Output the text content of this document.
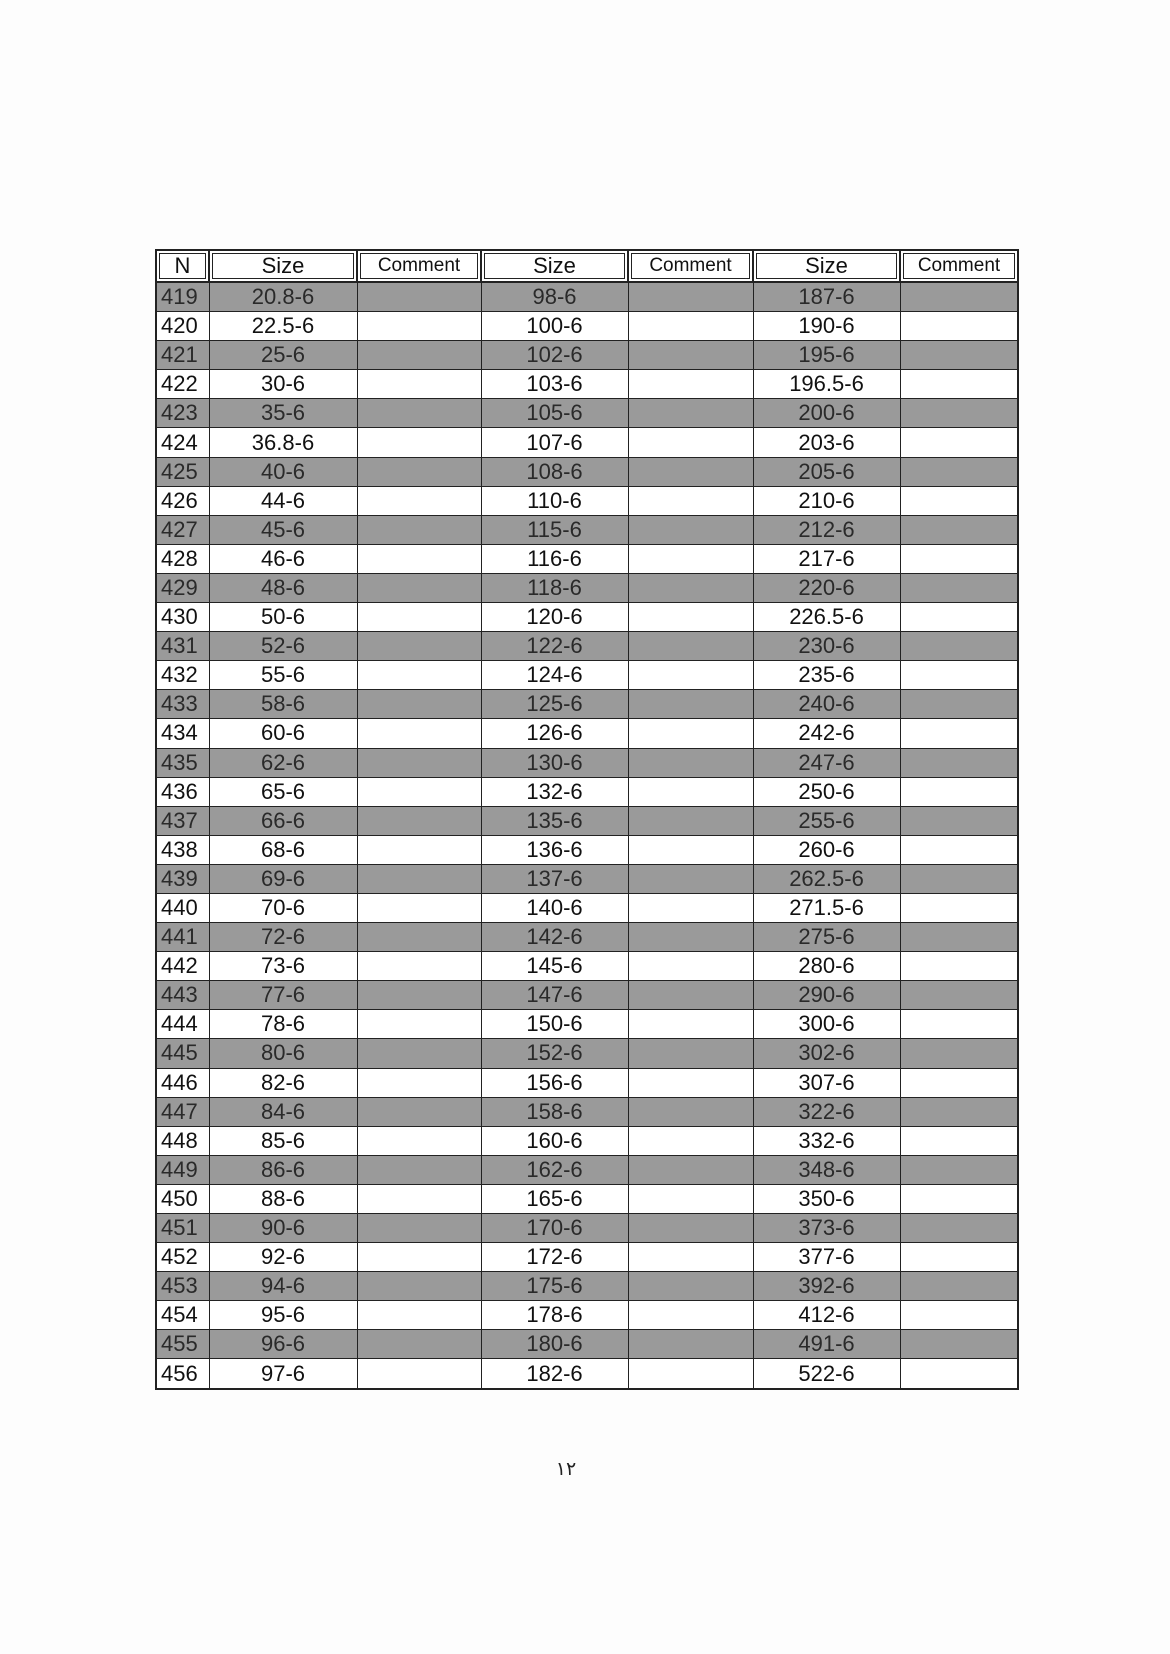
N	Size	Comment	Size	Comment	Size	Comment
419	20.8-6		98-6		187-6	
420	22.5-6		100-6		190-6	
421	25-6		102-6		195-6	
422	30-6		103-6		196.5-6	
423	35-6		105-6		200-6	
424	36.8-6		107-6		203-6	
425	40-6		108-6		205-6	
426	44-6		110-6		210-6	
427	45-6		115-6		212-6	
428	46-6		116-6		217-6	
429	48-6		118-6		220-6	
430	50-6		120-6		226.5-6	
431	52-6		122-6		230-6	
432	55-6		124-6		235-6	
433	58-6		125-6		240-6	
434	60-6		126-6		242-6	
435	62-6		130-6		247-6	
436	65-6		132-6		250-6	
437	66-6		135-6		255-6	
438	68-6		136-6		260-6	
439	69-6		137-6		262.5-6	
440	70-6		140-6		271.5-6	
441	72-6		142-6		275-6	
442	73-6		145-6		280-6	
443	77-6		147-6		290-6	
444	78-6		150-6		300-6	
445	80-6		152-6		302-6	
446	82-6		156-6		307-6	
447	84-6		158-6		322-6	
448	85-6		160-6		332-6	
449	86-6		162-6		348-6	
450	88-6		165-6		350-6	
451	90-6		170-6		373-6	
452	92-6		172-6		377-6	
453	94-6		175-6		392-6	
454	95-6		178-6		412-6	
455	96-6		180-6		491-6	
456	97-6		182-6		522-6	
١٢
